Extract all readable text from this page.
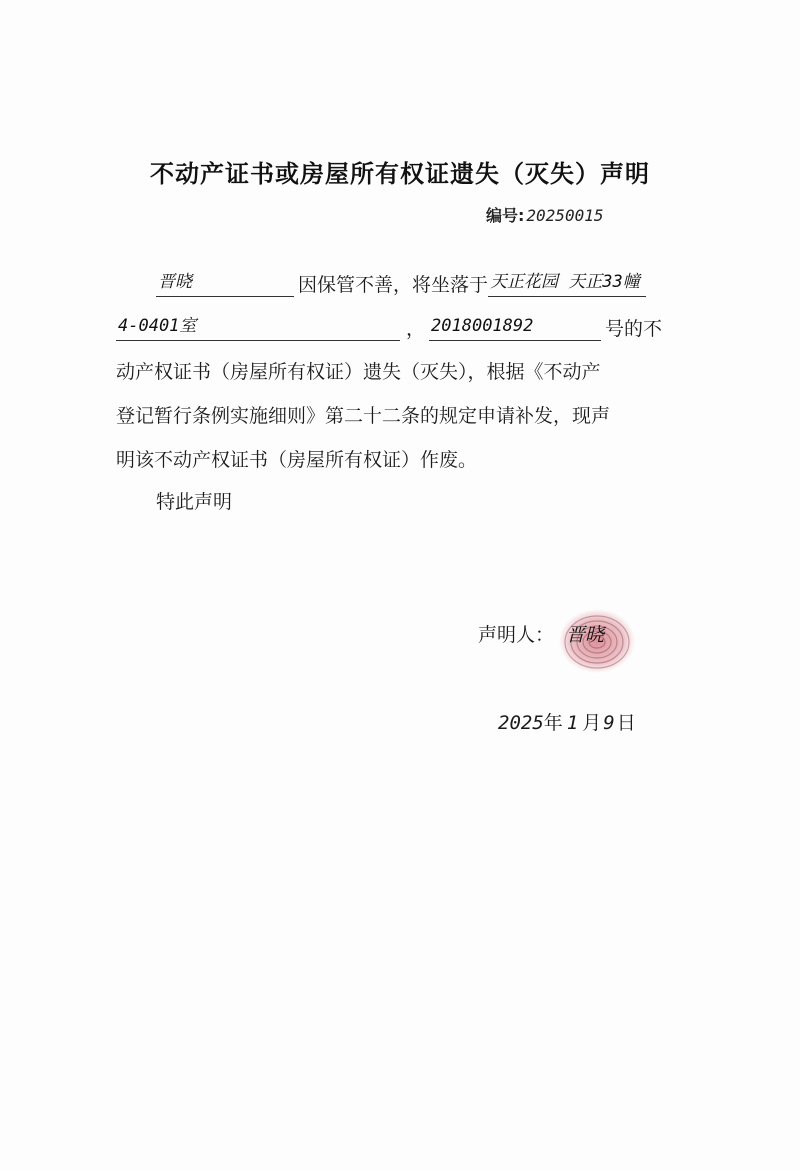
不动产证书或房屋所有权证遗失（灭失）声明
编号: 20250015
晋晓	因保管不善，将坐落于 天正花园 天正33幢
4-0401室	， 2018001892	号的不
动产权证书（房屋所有权证）遗失（灭失），根据《不动产
登记暂行条例实施细则》第二十二条的规定申请补发，现声
明该不动产权证书（房屋所有权证）作废。
特此声明
声明人： 晋晓
2025年 1 月 9 日
